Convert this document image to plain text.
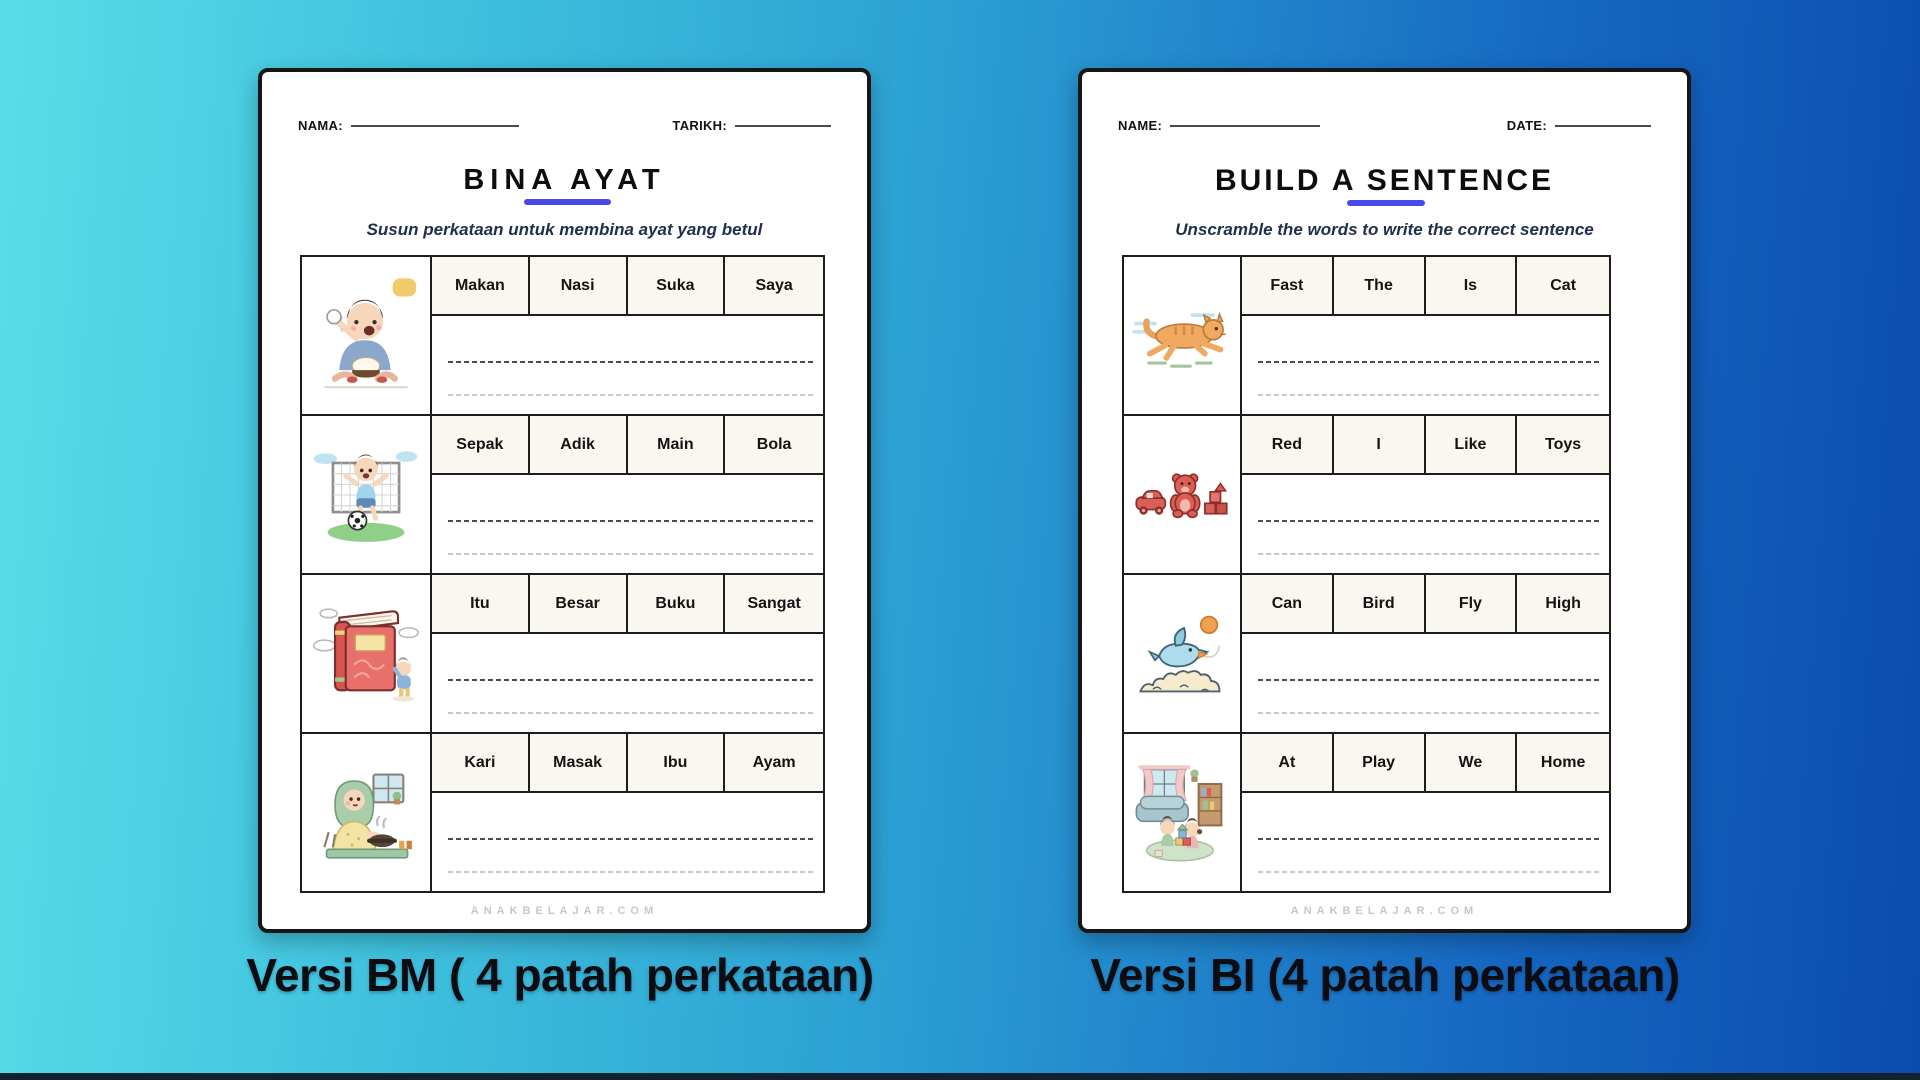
NAMA:	TARIKH:
BINA AYAT
Susun perkataan untuk membina ayat yang betul
Makan	Nasi	Suka	Saya
Sepak	Adik	Main	Bola
Itu	Besar	Buku	Sangat
Kari	Masak	Ibu	Ayam
ANAKBELAJAR.COM
NAME:	DATE:
BUILD A SENTENCE
Unscramble the words to write the correct sentence
Fast	The	Is	Cat
Red	I	Like	Toys
Can	Bird	Fly	High
At	Play	We	Home
ANAKBELAJAR.COM
Versi BM ( 4 patah perkataan)	Versi BI (4 patah perkataan)
